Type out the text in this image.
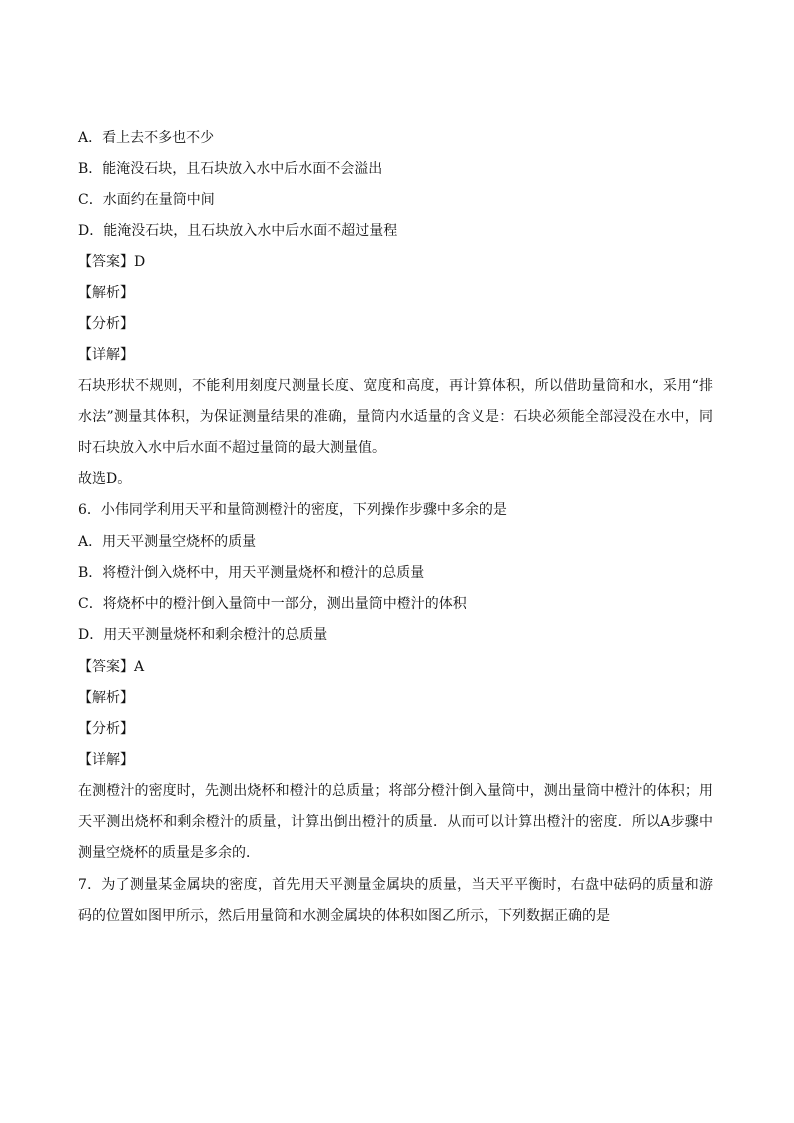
A．看上去不多也不少
B．能淹没石块，且石块放入水中后水面不会溢出
C．水面约在量筒中间
D．能淹没石块，且石块放入水中后水面不超过量程
【答案】D
【解析】
【分析】
【详解】
石块形状不规则，不能利用刻度尺测量长度、宽度和高度，再计算体积，所以借助量筒和水，采用“排水法”测量其体积，为保证测量结果的准确，量筒内水适量的含义是：石块必须能全部浸没在水中，同时石块放入水中后水面不超过量筒的最大测量值。
故选D。
6．小伟同学利用天平和量筒测橙汁的密度，下列操作步骤中多余的是
A．用天平测量空烧杯的质量
B．将橙汁倒入烧杯中，用天平测量烧杯和橙汁的总质量
C．将烧杯中的橙汁倒入量筒中一部分，测出量筒中橙汁的体积
D．用天平测量烧杯和剩余橙汁的总质量
【答案】A
【解析】
【分析】
【详解】
在测橙汁的密度时，先测出烧杯和橙汁的总质量；将部分橙汁倒入量筒中，测出量筒中橙汁的体积；用天平测出烧杯和剩余橙汁的质量，计算出倒出橙汁的质量．从而可以计算出橙汁的密度．所以A步骤中测量空烧杯的质量是多余的．
7．为了测量某金属块的密度，首先用天平测量金属块的质量，当天平平衡时，右盘中砝码的质量和游码的位置如图甲所示，然后用量筒和水测金属块的体积如图乙所示，下列数据正确的是
